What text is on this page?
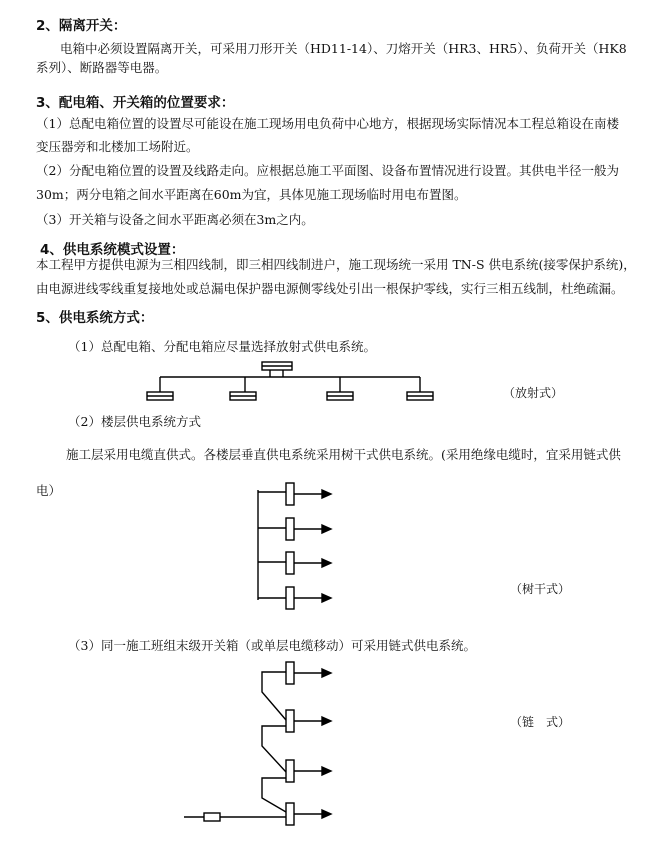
2、隔离开关：
电箱中必须设置隔离开关，可采用刀形开关（HD11-14）、刀熔开关（HR3、HR5）、负荷开关（HK8
系列）、断路器等电器。
3、配电箱、开关箱的位置要求：
（1）总配电箱位置的设置尽可能设在施工现场用电负荷中心地方，根据现场实际情况本工程总箱设在南楼
变压器旁和北楼加工场附近。
（2）分配电箱位置的设置及线路走向。应根据总施工平面图、设备布置情况进行设置。其供电半径一般为
30m；两分电箱之间水平距离在60m为宜，具体见施工现场临时用电布置图。
（3）开关箱与设备之间水平距离必须在3m之内。
4、供电系统模式设置：
本工程甲方提供电源为三相四线制，即三相四线制进户，施工现场统一采用 TN-S 供电系统(接零保护系统)，
由电源进线零线重复接地处或总漏电保护器电源侧零线处引出一根保护零线，实行三相五线制，杜绝疏漏。
5、供电系统方式：
（1）总配电箱、分配电箱应尽量选择放射式供电系统。
（放射式）
（2）楼层供电系统方式
施工层采用电缆直供式。各楼层垂直供电系统采用树干式供电系统。(采用绝缘电缆时，宜采用链式供
电）
（树干式）
（3）同一施工班组末级开关箱（或单层电缆移动）可采用链式供电系统。
（链　式）
